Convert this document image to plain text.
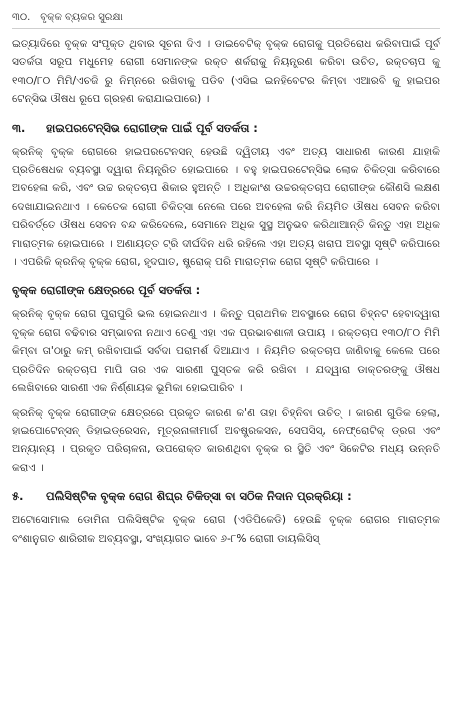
୩୦. ବୃକ୍କ ବ୍ୟକର ସୁରକ୍ଷା

ଇତ୍ୟାଦିରେ ବୃକ୍କ ସଂପୃକ୍ତ ଥିବାର ସୂଚନା ଦିଏ । ଡାଇବେଟିକ୍ ବୃକ୍କ ରୋଗକୁ ପ୍ରତିରୋଧ କରିବାପାଇଁ ପୂର୍ବ ସତର୍କତା ସରୂପ ମଧୁମେହ ରୋଗୀ ସେମାନଙ୍କ ରକ୍ତ ଶର୍କରାକୁ ନିୟନ୍ତ୍ରଣ କରିବା ଉଚିତ, ରକ୍ତଚାପ କୁ ୧୩୦/୮୦ ମିମି/ଏଚଜି ରୁ ନିମ୍ନରେ ରଖିବାକୁ ପଡିବ (ଏସିଇ ଇନହିବେଟର କିମ୍ବା ଏଆରବି କୁ ହାଇପର ଟେନ୍ସିଭ ଔଷଧ ରୂପେ ଗ୍ରହଣ କରାଯାଇପାରେ) ।

୩. ହାଇପରଟେନ୍ସିଭ ରୋଗୀଙ୍କ ପାଇଁ ପୂର୍ବ ସତର୍କତା :

କ୍ରନିକ୍ ବୃକ୍କ ରୋଗରେ ହାଇପରଟେନସନ୍ ହେଉଛି ଦ୍ୱିତୀୟ ଏବଂ ଅତ୍ୟ ସାଧାରଣ କାରଣ ଯାହାକି ପ୍ରତିଷେଧକ ବ୍ୟବସ୍ଥା ଦ୍ୱାରା ନିୟନ୍ତ୍ରିତ ହୋଇପାରେ । ବହୁ ହାଇପରଟେନ୍ସିଭ ଲୋକ ଚିକିତ୍ସା କରିବାରେ ଅବହେଳା କରି, ଏବଂ ଉଚ୍ଚ ରକ୍ତଚାପ ଶିକାର ହୁଅନ୍ତି । ଅଧିକାଂଶ ଉଚ୍ଚରକ୍ତଚାପ ରୋଗୀଙ୍କ କୌଣସି ଲକ୍ଷଣ ଦେଖାଯାଇନଥାଏ । କେତେକ ରୋଗୀ ଚିକିତ୍ସା ନେଲେ ପରେ ଅବହେଳା କରି ନିୟମିତ ଔଷଧ ସେବନ କରିବା ପରିବର୍ତ୍ତେ ଔଷଧ ସେବନ ବନ୍ଦ କରିଦେଲେ, ସେମାନେ ଅଧିକ ସୁସ୍ଥ ଅନୁଭବ କରିଥାଆନ୍ତି କିନ୍ତୁ ଏହା ଅଧିକ ମାରାତ୍ମକ ହୋଇପାରେ । ଅଣାୟତ୍ତ ଟ୍ରି ଦୀର୍ଘଦିନ ଧରି ରହିଲେ ଏହା ଅତ୍ୟ ଖରାପ ଅବସ୍ଥା ସୃଷ୍ଟି କରିପାରେ । ଏପରିକି କ୍ରନିକ୍ ବୃକ୍କ ରୋଗ, ହୃଦଘାତ, ଷ୍ଟ୍ରୋକ୍ ପରି ମାରାତ୍ମକ ରୋଗ ସୃଷ୍ଟି କରିପାରେ ।

ବୃକ୍କ ରୋଗୀଙ୍କ କ୍ଷେତ୍ରରେ ପୂର୍ବ ସତର୍କତା :

କ୍ରନିକ୍ ବୃକ୍କ ରୋଗ ପୁରାପୁରି ଭଲ ହୋଇନଥାଏ । କିନ୍ତୁ ପ୍ରାଥମିକ ଅବସ୍ଥାରେ ରୋଗ ଚିହ୍ନଟ ହେବାଦ୍ୱାରା ବୃକ୍କ ରୋଗ ବଢିବାର ସମ୍ଭାବନା ନଥାଏ ତେଣୁ ଏହା ଏକ ପ୍ରଭାବଶାଳୀ ଉପାୟ । ରକ୍ତଚାପ ୧୩୦/୮୦ ମିମି କିମ୍ବା ତା'ଠାରୁ କମ୍ ରଖିବାପାଇଁ ସର୍ବଦା ପରାମର୍ଶ ଦିଆଯାଏ । ନିୟମିତ ରକ୍ତଚାପ ଜାଣିବାକୁ କେଲେ ପରେ ପ୍ରତିଦିନ ରକ୍ତଚାପ ମାପି ତାର ଏକ ସାରଣୀ ପୁସ୍ତକ କରି ରଖିବା । ଯଦ୍ୱାରା ଡାକ୍ତରଙ୍କୁ ଔଷଧ ଲେଖିବାରେ ସାରଣୀ ଏକ ନିର୍ଣ୍ଣାୟକ ଭୂମିକା ହୋଇପାରିବ ।

କ୍ରନିକ୍ ବୃକ୍କ ରୋଗୀଙ୍କ କ୍ଷେତ୍ରରେ ପ୍ରକୃତ କାରଣ କ'ଣ ତାହା ଚିହ୍ନିବା ଉଚିତ୍ । କାରଣ ଗୁଡିକ ହେଲା, ହାଇପୋଟେନ୍ସନ୍ ଡିହାଇଡ୍ରେସନ, ମୂତ୍ରନାଳୀମାର୍ଗ ଅବଷ୍ଟ୍ରକସନ, ସେପସିସ୍, ନେଫ୍ରୋଟିକ୍ ଡ୍ରଗ ଏବଂ ଅନ୍ୟାନ୍ୟ । ପ୍ରକୃତ ପରିଚାଳନା, ଉପରୋକ୍ତ କାରଣଥିବା ବୃକ୍କ ର ସ୍ଥିତି ଏବଂ ସିକେଟିର ମଧ୍ୟ ଉନ୍ନତି କରାଏ ।

୫. ପଲିସିଷ୍ଟିକ ବୃକ୍କ ରୋଗ ଶିଘ୍ର ଚିକିତ୍ସା ବା ସଠିକ ନିଦାନ ପ୍ରକ୍ରିୟା :

ଅଟୋସୋମାଲ ଡୋମିନା ପଲିସିଷ୍ଟିକ ବୃକ୍କ ରୋଗ (ଏଡିପିକେଡି) ହେଉଛି ବୃକ୍କ ରୋଗର ମାରାତ୍ମକ ବଂଶାନୁଗତ ଶାରିରୀକ ଅବ୍ୟବସ୍ଥା, ସଂଖ୍ୟାଗତ ଭାବେ ୬-୮% ରୋଗୀ ଡାୟଲିସିସ୍
